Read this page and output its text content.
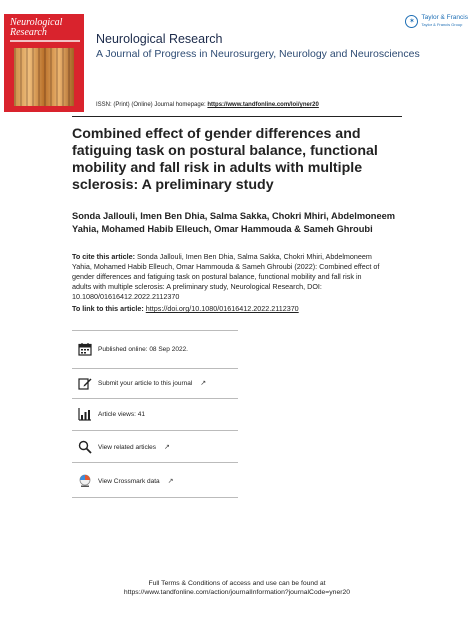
Neurological Research	Neurological Research
A Journal of Progress in Neurosurgery, Neurology and Neurosciences
ISSN: (Print) (Online) Journal homepage: https://www.tandfonline.com/loi/yner20
✶
Taylor & Francis
Taylor & Francis Group
Combined effect of gender differences and fatiguing task on postural balance, functional mobility and fall risk in adults with multiple sclerosis: A preliminary study
Sonda Jallouli, Imen Ben Dhia, Salma Sakka, Chokri Mhiri, Abdelmoneem Yahia, Mohamed Habib Elleuch, Omar Hammouda & Sameh Ghroubi
To cite this article: Sonda Jallouli, Imen Ben Dhia, Salma Sakka, Chokri Mhiri, Abdelmoneem Yahia, Mohamed Habib Elleuch, Omar Hammouda & Sameh Ghroubi (2022): Combined effect of gender differences and fatiguing task on postural balance, functional mobility and fall risk in adults with multiple sclerosis: A preliminary study, Neurological Research, DOI: 10.1080/01616412.2022.2112370
To link to this article: https://doi.org/10.1080/01616412.2022.2112370
Published online: 08 Sep 2022.
Submit your article to this journal ↗
Article views: 41
View related articles ↗
View Crossmark data ↗
Full Terms & Conditions of access and use can be found at
https://www.tandfonline.com/action/journalInformation?journalCode=yner20
